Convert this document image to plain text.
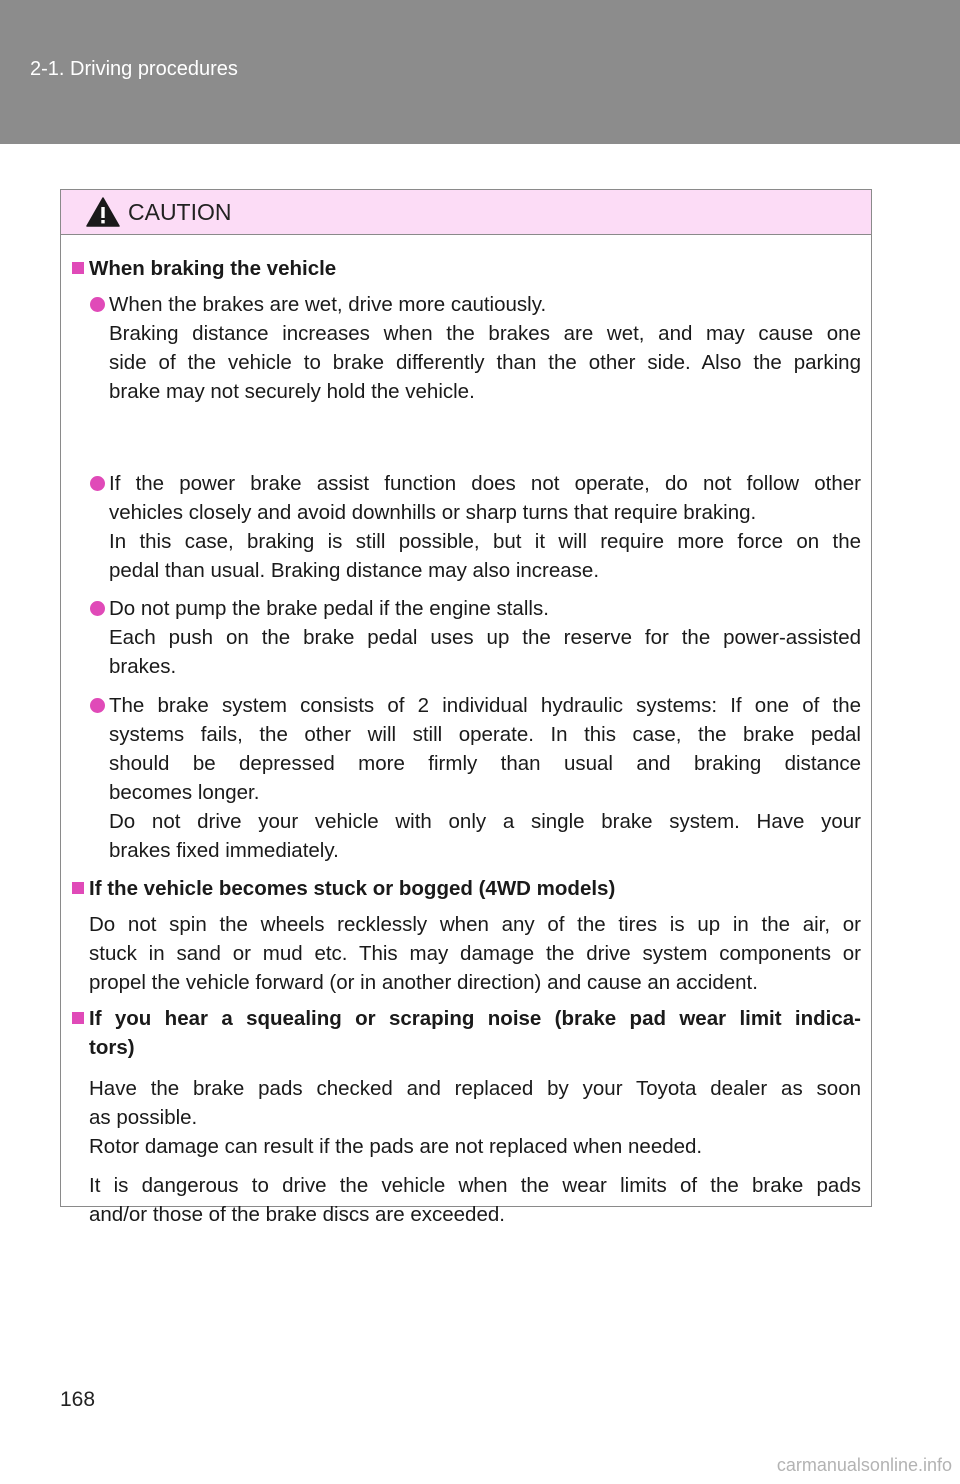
2-1. Driving procedures
CAUTION
When braking the vehicle
When the brakes are wet, drive more cautiously.
Braking distance increases when the brakes are wet, and may cause one
side of the vehicle to brake differently than the other side. Also the parking
brake may not securely hold the vehicle.
If the power brake assist function does not operate, do not follow other
vehicles closely and avoid downhills or sharp turns that require braking.
In this case, braking is still possible, but it will require more force on the
pedal than usual. Braking distance may also increase.
Do not pump the brake pedal if the engine stalls.
Each push on the brake pedal uses up the reserve for the power-assisted
brakes.
The brake system consists of 2 individual hydraulic systems: If one of the
systems fails, the other will still operate. In this case, the brake pedal
should be depressed more firmly than usual and braking distance
becomes longer.
Do not drive your vehicle with only a single brake system. Have your
brakes fixed immediately.
If the vehicle becomes stuck or bogged (4WD models)
Do not spin the wheels recklessly when any of the tires is up in the air, or
stuck in sand or mud etc. This may damage the drive system components or
propel the vehicle forward (or in another direction) and cause an accident.
If you hear a squealing or scraping noise (brake pad wear limit indica-
tors)
Have the brake pads checked and replaced by your Toyota dealer as soon
as possible.
Rotor damage can result if the pads are not replaced when needed.
It is dangerous to drive the vehicle when the wear limits of the brake pads
and/or those of the brake discs are exceeded.
168
carmanualsonline.info
